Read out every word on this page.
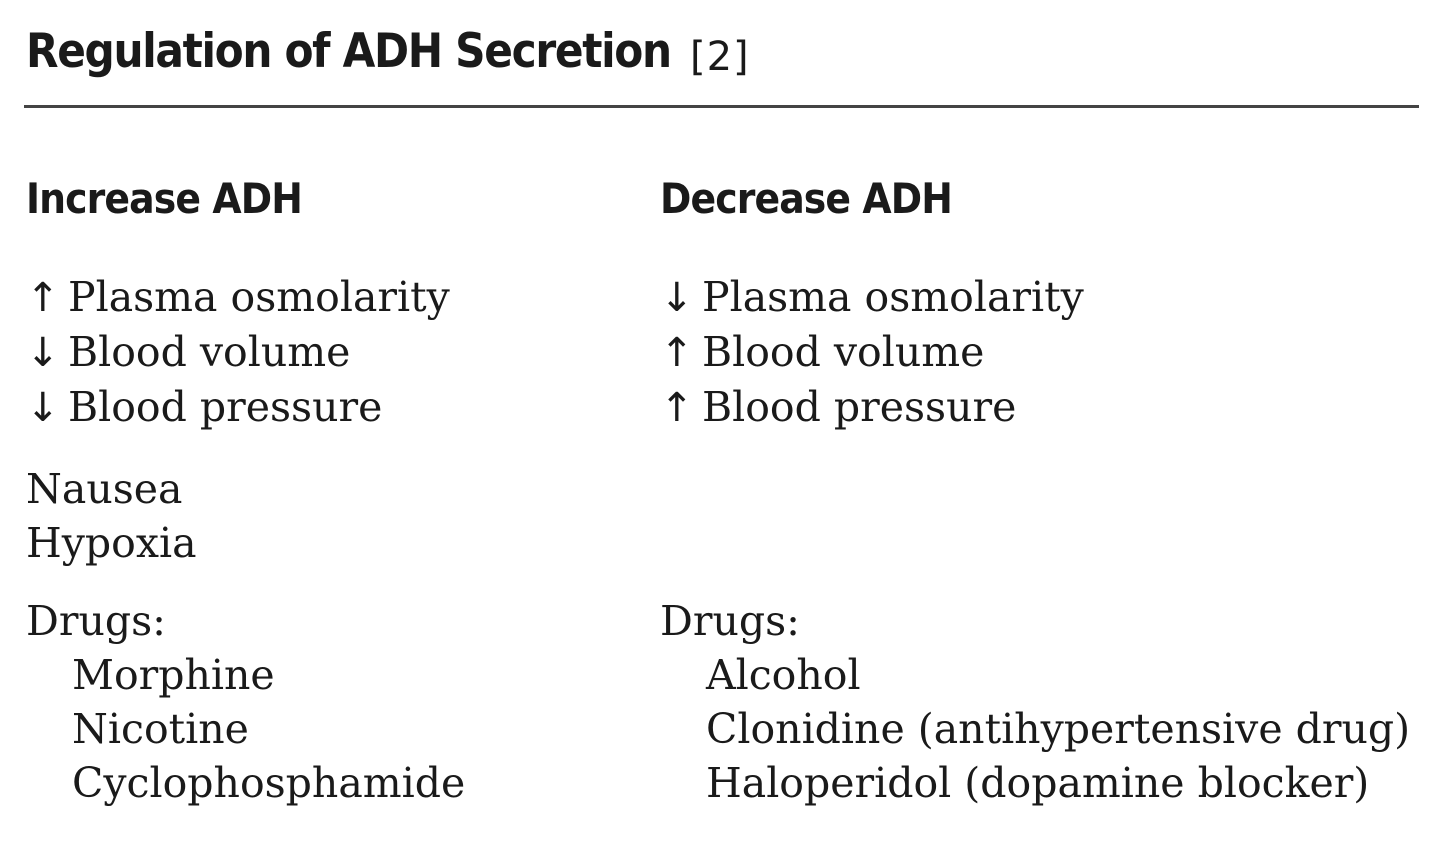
Regulation of ADH Secretion [2]
Increase ADH
↑ Plasma osmolarity
↓ Blood volume
↓ Blood pressure
Nausea
Hypoxia
Drugs:
Morphine
Nicotine
Cyclophosphamide
Decrease ADH
↓ Plasma osmolarity
↑ Blood volume
↑ Blood pressure
Drugs:
Alcohol
Clonidine (antihypertensive drug)
Haloperidol (dopamine blocker)
